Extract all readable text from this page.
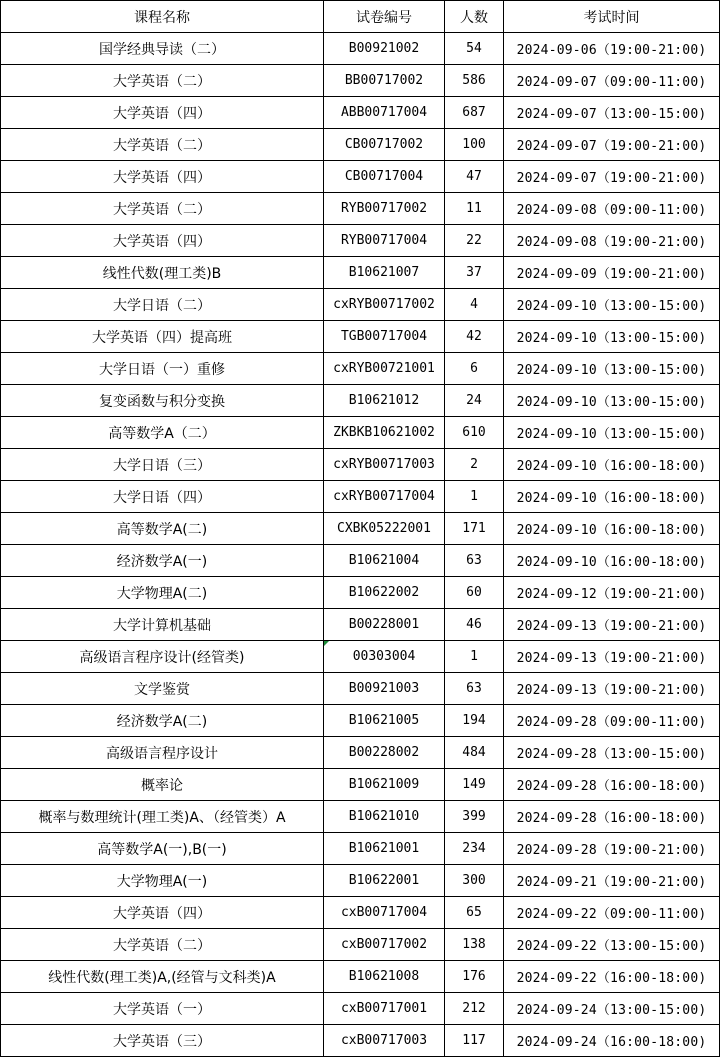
课程名称	试卷编号	人数	考试时间
国学经典导读（二）	B00921002	54	2024-09-06（19:00-21:00)
大学英语（二）	BB00717002	586	2024-09-07（09:00-11:00)
大学英语（四）	ABB00717004	687	2024-09-07（13:00-15:00)
大学英语（二）	CB00717002	100	2024-09-07（19:00-21:00)
大学英语（四）	CB00717004	47	2024-09-07（19:00-21:00)
大学英语（二）	RYB00717002	11	2024-09-08（09:00-11:00)
大学英语（四）	RYB00717004	22	2024-09-08（19:00-21:00)
线性代数(理工类)B	B10621007	37	2024-09-09（19:00-21:00)
大学日语（二）	cxRYB00717002	4	2024-09-10（13:00-15:00)
大学英语（四）提高班	TGB00717004	42	2024-09-10（13:00-15:00)
大学日语（一）重修	cxRYB00721001	6	2024-09-10（13:00-15:00)
复变函数与积分变换	B10621012	24	2024-09-10（13:00-15:00)
高等数学A（二）	ZKBKB10621002	610	2024-09-10（13:00-15:00)
大学日语（三）	cxRYB00717003	2	2024-09-10（16:00-18:00)
大学日语（四）	cxRYB00717004	1	2024-09-10（16:00-18:00)
高等数学A(二)	CXBK05222001	171	2024-09-10（16:00-18:00)
经济数学A(一)	B10621004	63	2024-09-10（16:00-18:00)
大学物理A(二)	B10622002	60	2024-09-12（19:00-21:00)
大学计算机基础	B00228001	46	2024-09-13（19:00-21:00)
高级语言程序设计(经管类)	00303004	1	2024-09-13（19:00-21:00)
文学鉴赏	B00921003	63	2024-09-13（19:00-21:00)
经济数学A(二)	B10621005	194	2024-09-28（09:00-11:00)
高级语言程序设计	B00228002	484	2024-09-28（13:00-15:00)
概率论	B10621009	149	2024-09-28（16:00-18:00)
概率与数理统计(理工类)A、（经管类）A	B10621010	399	2024-09-28（16:00-18:00)
高等数学A(一),B(一)	B10621001	234	2024-09-28（19:00-21:00)
大学物理A(一)	B10622001	300	2024-09-21（19:00-21:00)
大学英语（四）	cxB00717004	65	2024-09-22（09:00-11:00)
大学英语（二）	cxB00717002	138	2024-09-22（13:00-15:00)
线性代数(理工类)A,(经管与文科类)A	B10621008	176	2024-09-22（16:00-18:00)
大学英语（一）	cxB00717001	212	2024-09-24（13:00-15:00)
大学英语（三）	cxB00717003	117	2024-09-24（16:00-18:00)
